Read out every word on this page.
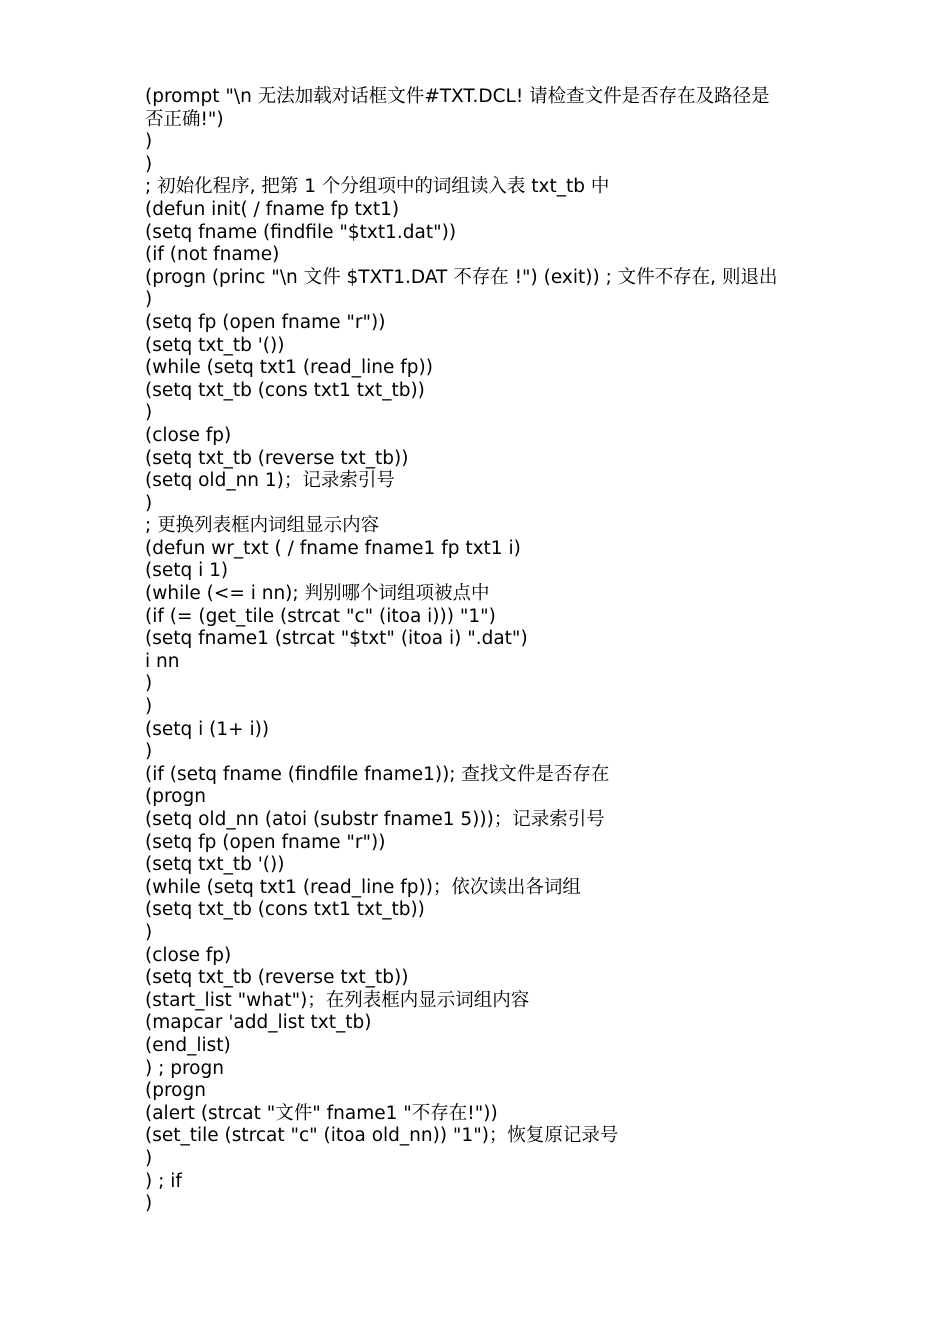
(prompt "\n 无法加载对话框文件#TXT.DCL! 请检查文件是否存在及路径是
否正确!")
)
)
; 初始化程序, 把第 1 个分组项中的词组读入表 txt_tb 中
(defun init( / fname fp txt1)
(setq fname (findfile "$txt1.dat"))
(if (not fname)
(progn (princ "\n 文件 $TXT1.DAT 不存在 !") (exit)) ; 文件不存在, 则退出
)
(setq fp (open fname "r"))
(setq txt_tb '())
(while (setq txt1 (read_line fp))
(setq txt_tb (cons txt1 txt_tb))
)
(close fp)
(setq txt_tb (reverse txt_tb))
(setq old_nn 1)；记录索引号
)
; 更换列表框内词组显示内容
(defun wr_txt ( / fname fname1 fp txt1 i)
(setq i 1)
(while (<= i nn); 判别哪个词组项被点中
(if (= (get_tile (strcat "c" (itoa i))) "1")
(setq fname1 (strcat "$txt" (itoa i) ".dat")
i nn
)
)
(setq i (1+ i))
)
(if (setq fname (findfile fname1)); 查找文件是否存在
(progn
(setq old_nn (atoi (substr fname1 5)))；记录索引号
(setq fp (open fname "r"))
(setq txt_tb '())
(while (setq txt1 (read_line fp))；依次读出各词组
(setq txt_tb (cons txt1 txt_tb))
)
(close fp)
(setq txt_tb (reverse txt_tb))
(start_list "what")；在列表框内显示词组内容
(mapcar 'add_list txt_tb)
(end_list)
) ; progn
(progn
(alert (strcat "文件" fname1 "不存在!"))
(set_tile (strcat "c" (itoa old_nn)) "1")；恢复原记录号
)
) ; if
)
